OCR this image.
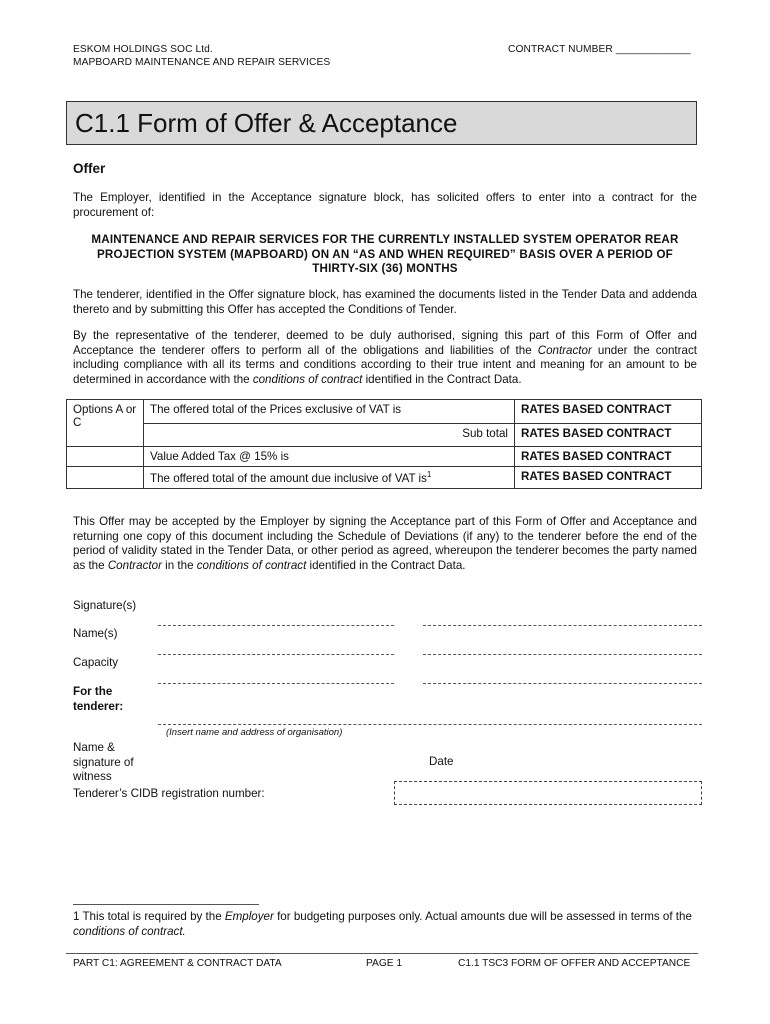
ESKOM HOLDINGS SOC Ltd.
MAPBOARD MAINTENANCE AND REPAIR SERVICES
CONTRACT NUMBER _____________
C1.1 Form of Offer & Acceptance
Offer
The Employer, identified in the Acceptance signature block, has solicited offers to enter into a contract for the procurement of:
MAINTENANCE AND REPAIR SERVICES FOR THE CURRENTLY INSTALLED SYSTEM OPERATOR REAR PROJECTION SYSTEM (MAPBOARD) ON AN “AS AND WHEN REQUIRED” BASIS OVER A PERIOD OF THIRTY-SIX (36) MONTHS
The tenderer, identified in the Offer signature block, has examined the documents listed in the Tender Data and addenda thereto and by submitting this Offer has accepted the Conditions of Tender.
By the representative of the tenderer, deemed to be duly authorised, signing this part of this Form of Offer and Acceptance the tenderer offers to perform all of the obligations and liabilities of the Contractor under the contract including compliance with all its terms and conditions according to their true intent and meaning for an amount to be determined in accordance with the conditions of contract identified in the Contract Data.
Options A or C	The offered total of the Prices exclusive of VAT is	RATES BASED CONTRACT
	Sub total	RATES BASED CONTRACT
	Value Added Tax @ 15% is	RATES BASED CONTRACT
	The offered total of the amount due inclusive of VAT $is^1$	RATES BASED CONTRACT
This Offer may be accepted by the Employer by signing the Acceptance part of this Form of Offer and Acceptance and returning one copy of this document including the Schedule of Deviations (if any) to the tenderer before the end of the period of validity stated in the Tender Data, or other period as agreed, whereupon the tenderer becomes the party named as the Contractor in the conditions of contract identified in the Contract Data.
Signature(s)
Name(s)
Capacity
For the tenderer:
(Insert name and address of organisation)
Name & signature of witness
Date
Tenderer’s CIDB registration number:
1 This total is required by the Employer for budgeting purposes only. Actual amounts due will be assessed in terms of the conditions of contract.
PART C1: AGREEMENT & CONTRACT DATA	PAGE 1	C1.1 TSC3 FORM OF OFFER AND ACCEPTANCE
